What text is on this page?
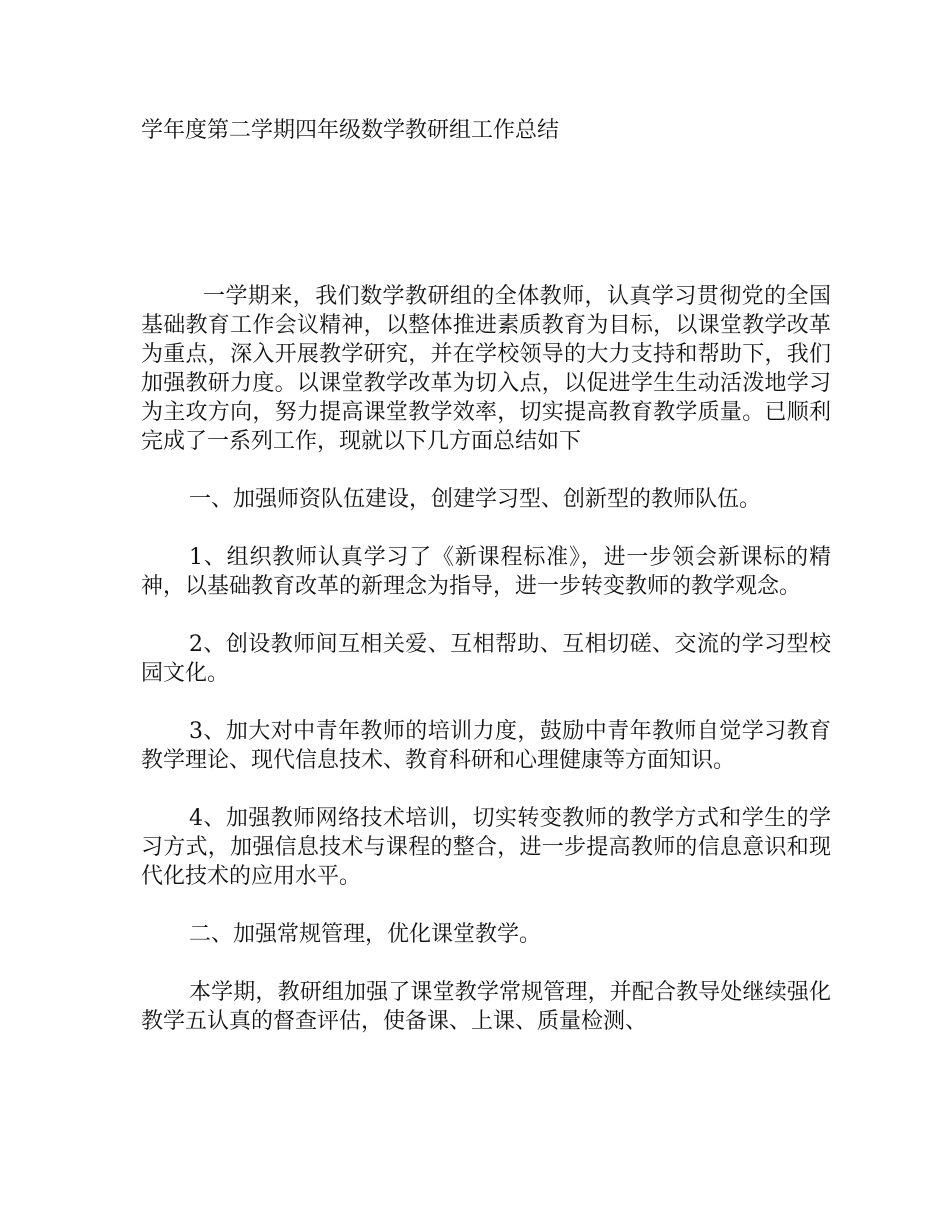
学年度第二学期四年级数学教研组工作总结

一学期来，我们数学教研组的全体教师，认真学习贯彻党的全国基础教育工作会议精神，以整体推进素质教育为目标，以课堂教学改革为重点，深入开展教学研究，并在学校领导的大力支持和帮助下，我们加强教研力度。以课堂教学改革为切入点，以促进学生生动活泼地学习为主攻方向，努力提高课堂教学效率，切实提高教育教学质量。已顺利完成了一系列工作，现就以下几方面总结如下

一、加强师资队伍建设，创建学习型、创新型的教师队伍。

1、组织教师认真学习了《新课程标准》，进一步领会新课标的精神，以基础教育改革的新理念为指导，进一步转变教师的教学观念。

2、创设教师间互相关爱、互相帮助、互相切磋、交流的学习型校园文化。

3、加大对中青年教师的培训力度，鼓励中青年教师自觉学习教育教学理论、现代信息技术、教育科研和心理健康等方面知识。

4、加强教师网络技术培训，切实转变教师的教学方式和学生的学习方式，加强信息技术与课程的整合，进一步提高教师的信息意识和现代化技术的应用水平。

二、加强常规管理，优化课堂教学。

本学期，教研组加强了课堂教学常规管理，并配合教导处继续强化教学五认真的督查评估，使备课、上课、质量检测、
